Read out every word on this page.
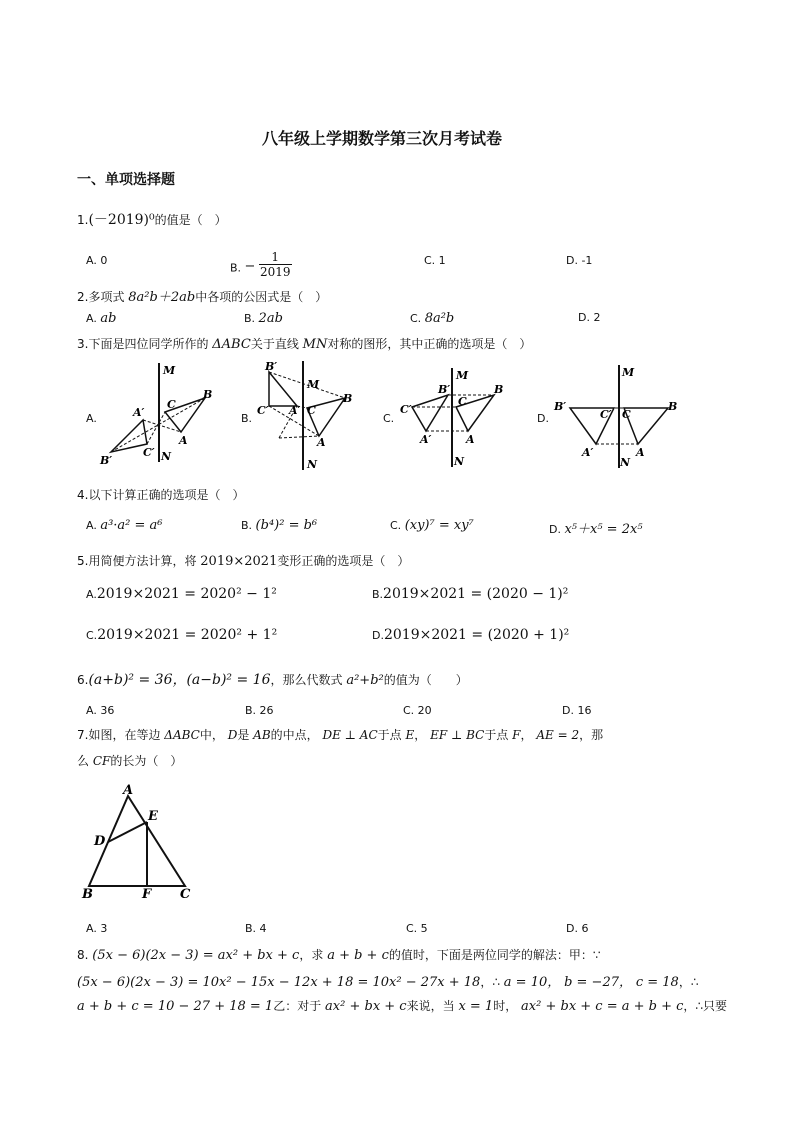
八年级上学期数学第三次月考试卷
一、单项选择题
1.(－2019)⁰的值是（　）
A. 0
B. − $\frac{1}{2019}$	C. 1	D. -1
2.多项式 8a²b＋2ab中各项的公因式是（　）
A. ab	B. 2ab	C. 8a²b	D. 2
3.下面是四位同学所作的 ΔABC关于直线 MN对称的图形，其中正确的选项是（　）
A.	B.	C.	D.
M
N
C
B
A
A′
B′
C′
M
N
B′
C′ A′ C
B
A
M
N
B′	B
C′
C
A′	A
M
N
B′	B
C′ C
A′	A
4.以下计算正确的选项是（　）
A. a³·a² = a⁶	B. (b⁴)² = b⁶	C. (xy)⁷ = xy⁷	D. x⁵＋x⁵ = 2x⁵
5.用简便方法计算，将 2019×2021变形正确的选项是（　）
A.2019×2021 = 2020² − 1²	B.2019×2021 = (2020 − 1)²
C.2019×2021 = 2020² + 1²	D.2019×2021 = (2020 + 1)²
6.(a+b)² = 36，(a−b)² = 16，那么代数式 a²+b²的值为（　　）
A. 36	B. 26	C. 20	D. 16
7.如图，在等边 ΔABC中， D是 AB的中点， DE ⊥ AC于点 E， EF ⊥ BC于点 F， AE = 2，那
么 CF的长为（　）
A
E
D
B	F C
A. 3	B. 4	C. 5	D. 6
8. (5x − 6)(2x − 3) = ax² + bx + c，求 a + b + c的值时，下面是两位同学的解法：甲：∵
(5x − 6)(2x − 3) = 10x² − 15x − 12x + 18 = 10x² − 27x + 18，∴ a = 10， b = −27， c = 18，∴
a + b + c = 10 − 27 + 18 = 1乙：对于 ax² + bx + c来说，当 x = 1时， ax² + bx + c = a + b + c，∴只要
